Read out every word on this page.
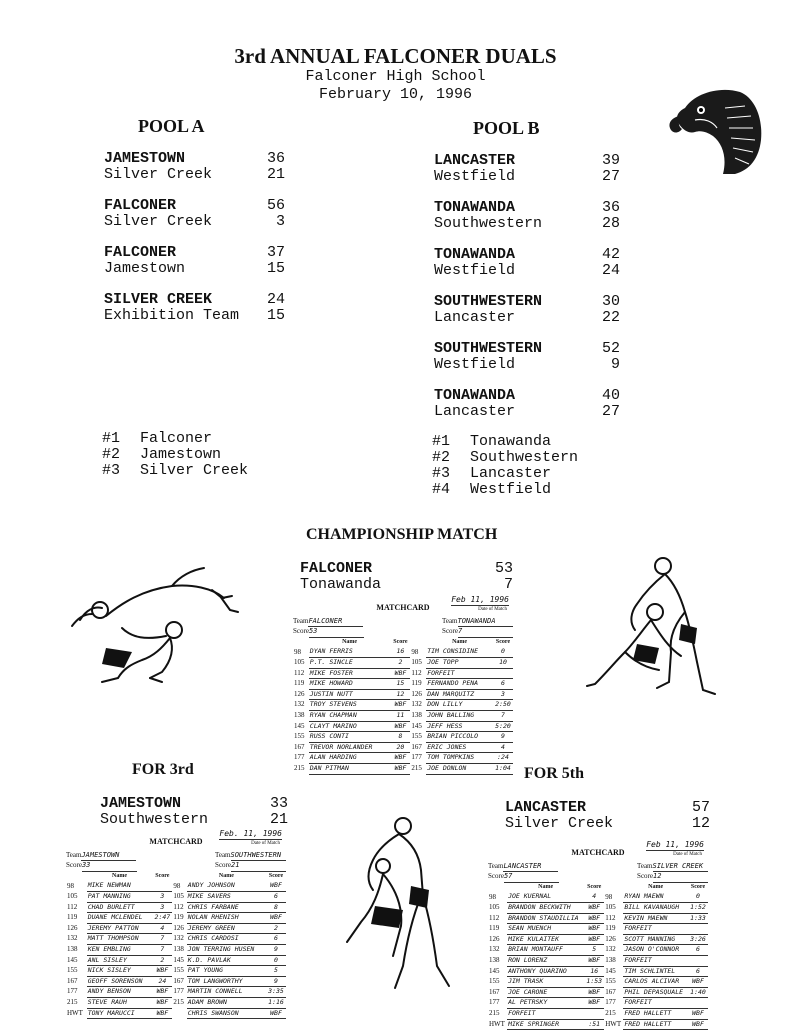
3rd ANNUAL FALCONER DUALS
Falconer High School
February 10, 1996
POOL A
JAMESTOWN	36
Silver Creek	21
FALCONER	56
Silver Creek	3
FALCONER	37
Jamestown	15
SILVER CREEK	24
Exhibition Team	15
#1 Falconer
#2 Jamestown
#3 Silver Creek
POOL B
LANCASTER	39
Westfield	27
TONAWANDA	36
Southwestern	28
TONAWANDA	42
Westfield	24
SOUTHWESTERN	30
Lancaster	22
SOUTHWESTERN	52
Westfield	9
TONAWANDA	40
Lancaster	27
#1 Tonawanda
#2 Southwestern
#3 Lancaster
#4 Westfield
CHAMPIONSHIP MATCH
FALCONER	53
Tonawanda	7
MATCHCARD
Feb 11, 1996
Date of Match
TeamFALCONER
Score53
TeamTONAWANDA
Score7
	Name	Score		Name	Score
98	DYAN FERRIS	16	98	TIM CONSIDINE	0
105	P.T. SINCLE	2	105	JOE TOPP	10
112	MIKE FOSTER	WBF	112	FORFEIT	
119	MIKE HOWARD	15	119	FERNANDO PENA	6
126	JUSTIN NUTT	12	126	DAN MARQUITZ	3
132	TROY STEVENS	WBF	132	DON LILLY	2:50
138	RYAN CHAPMAN	11	138	JOHN BALLING	7
145	CLAYT MARINO	WBF	145	JEFF HESS	5:20
155	RUSS CONTI	8	155	BRIAN PICCOLO	9
167	TREVOR NORLANDER	20	167	ERIC JONES	4
177	ALAN HARDING	WBF	177	TOM TOMPKINS	:24
215	DAN PITMAN	WBF	215	JOE DONLON	1:04
FOR 3rd
JAMESTOWN	33
Southwestern	21
MATCHCARD
Feb. 11, 1996
Date of Match
TeamJAMESTOWN
Score33
TeamSOUTHWESTERN
Score21
	Name	Score		Name	Score
98	MIKE NEWMAN		98	ANDY JOHNSON	WBF
105	PAT MANNING	3	105	MIKE SAVERS	6
112	CHAD BURLETT	3	112	CHRIS FARBANE	8
119	DUANE MCLENDEL	2:47	119	NOLAN RHENISH	WBF
126	JEREMY PATTON	4	126	JEREMY GREEN	2
132	MATT THOMPSON	7	132	CHRIS CARDOSI	6
138	KEN EMBLING	7	138	JON TERRING HUSEN	9
145	ANL SISLEY	2	145	K.D. PAVLAK	0
155	NICK SISLEY	WBF	155	PAT YOUNG	5
167	GEOFF SORENSON	24	167	TOM LANGWORTHY	9
177	ANDY BENSON	WBF	177	MARTIN CONNELL	3:35
215	STEVE RAUH	WBF	215	ADAM BROWN	1:16
HWT	TONY MARUCCI	WBF		CHRIS SWANSON	WBF
FOR 5th
LANCASTER	57
Silver Creek	12
MATCHCARD
Feb 11, 1996
Date of Match
TeamLANCASTER
Score57
TeamSILVER CREEK
Score12
	Name	Score		Name	Score
98	JOE KUERNAL	4	98	RYAN MAEWN	0
105	BRANDON BECKWITH	WBF	105	BILL KAVANAUGH	1:52
112	BRANDON STAUDILLIA	WBF	112	KEVIN MAEWN	1:33
119	SEAN MUENCH	WBF	119	FORFEIT	
126	MIKE KULAITEK	WBF	126	SCOTT MANNING	3:26
132	BRIAN MONTAUFF	5	132	JASON O'CONNOR	6
138	RON LORENZ	WBF	138	FORFEIT	
145	ANTHONY QUARINO	16	145	TIM SCHLINTEL	6
155	JIM TRASK	1:53	155	CARLOS ALCIVAR	WBF
167	JOE CARONE	WBF	167	PHIL DEPASQUALE	1:40
177	AL PETRSKY	WBF	177	FORFEIT	
215	FORFEIT		215	FRED HALLETT	WBF
HWT	MIKE SPRINGER	:51	HWT	FRED HALLETT	WBF
